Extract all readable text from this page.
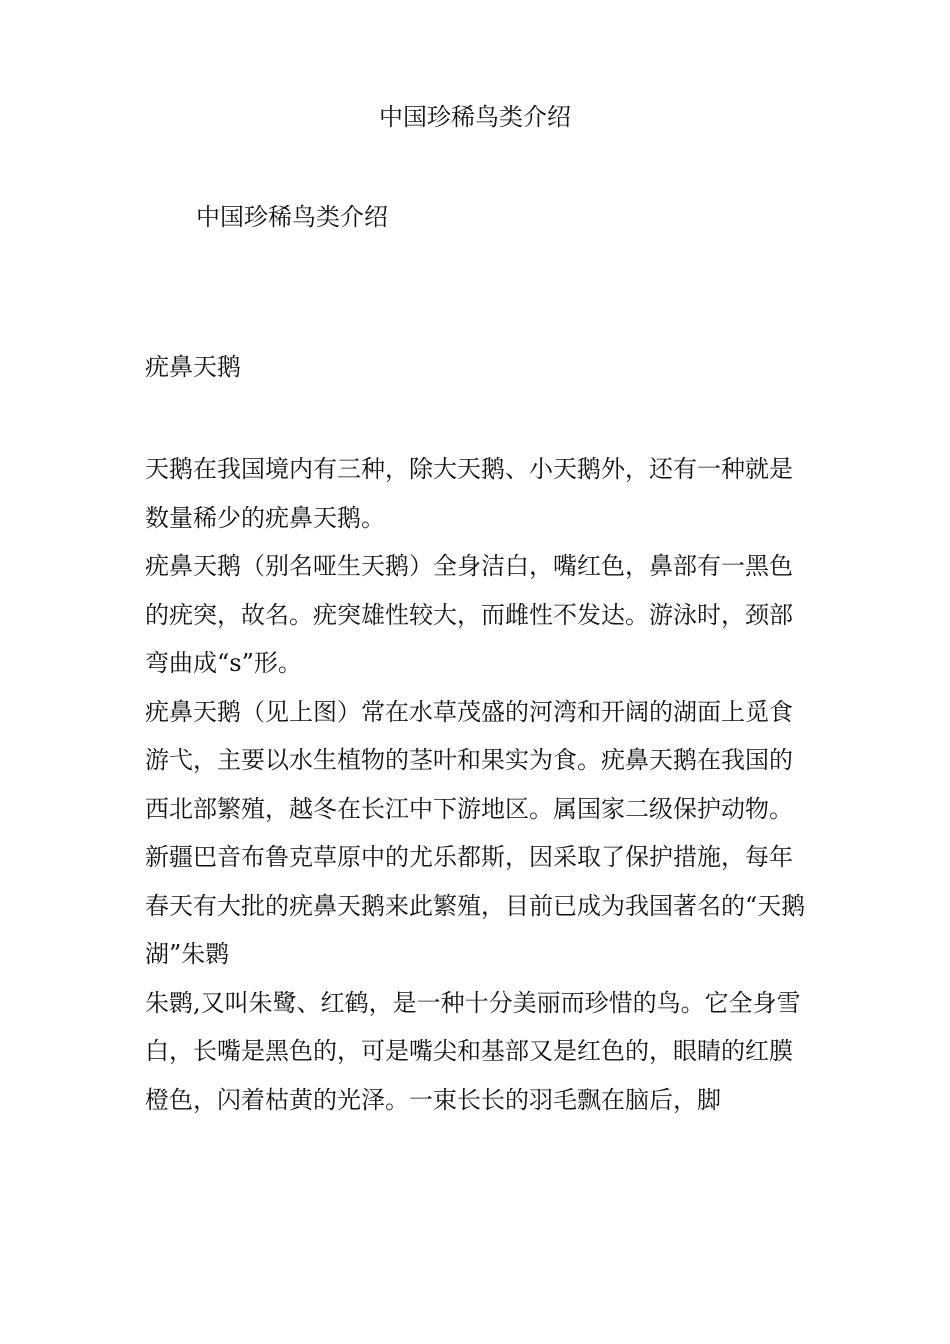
中国珍稀鸟类介绍
中国珍稀鸟类介绍
疣鼻天鹅

天鹅在我国境内有三种，除大天鹅、小天鹅外，还有一种就是数量稀少的疣鼻天鹅。

疣鼻天鹅（别名哑生天鹅）全身洁白，嘴红色，鼻部有一黑色的疣突，故名。疣突雄性较大，而雌性不发达。游泳时，颈部弯曲成“s”形。

疣鼻天鹅（见上图）常在水草茂盛的河湾和开阔的湖面上觅食游弋，主要以水生植物的茎叶和果实为食。疣鼻天鹅在我国的西北部繁殖，越冬在长江中下游地区。属国家二级保护动物。

新疆巴音布鲁克草原中的尤乐都斯，因采取了保护措施，每年春天有大批的疣鼻天鹅来此繁殖，目前已成为我国著名的“天鹅湖”朱鹮

朱鹮,又叫朱鹭、红鹤，是一种十分美丽而珍惜的鸟。它全身雪白，长嘴是黑色的，可是嘴尖和基部又是红色的，眼睛的红膜橙色，闪着枯黄的光泽。一束长长的羽毛飘在脑后，脚
